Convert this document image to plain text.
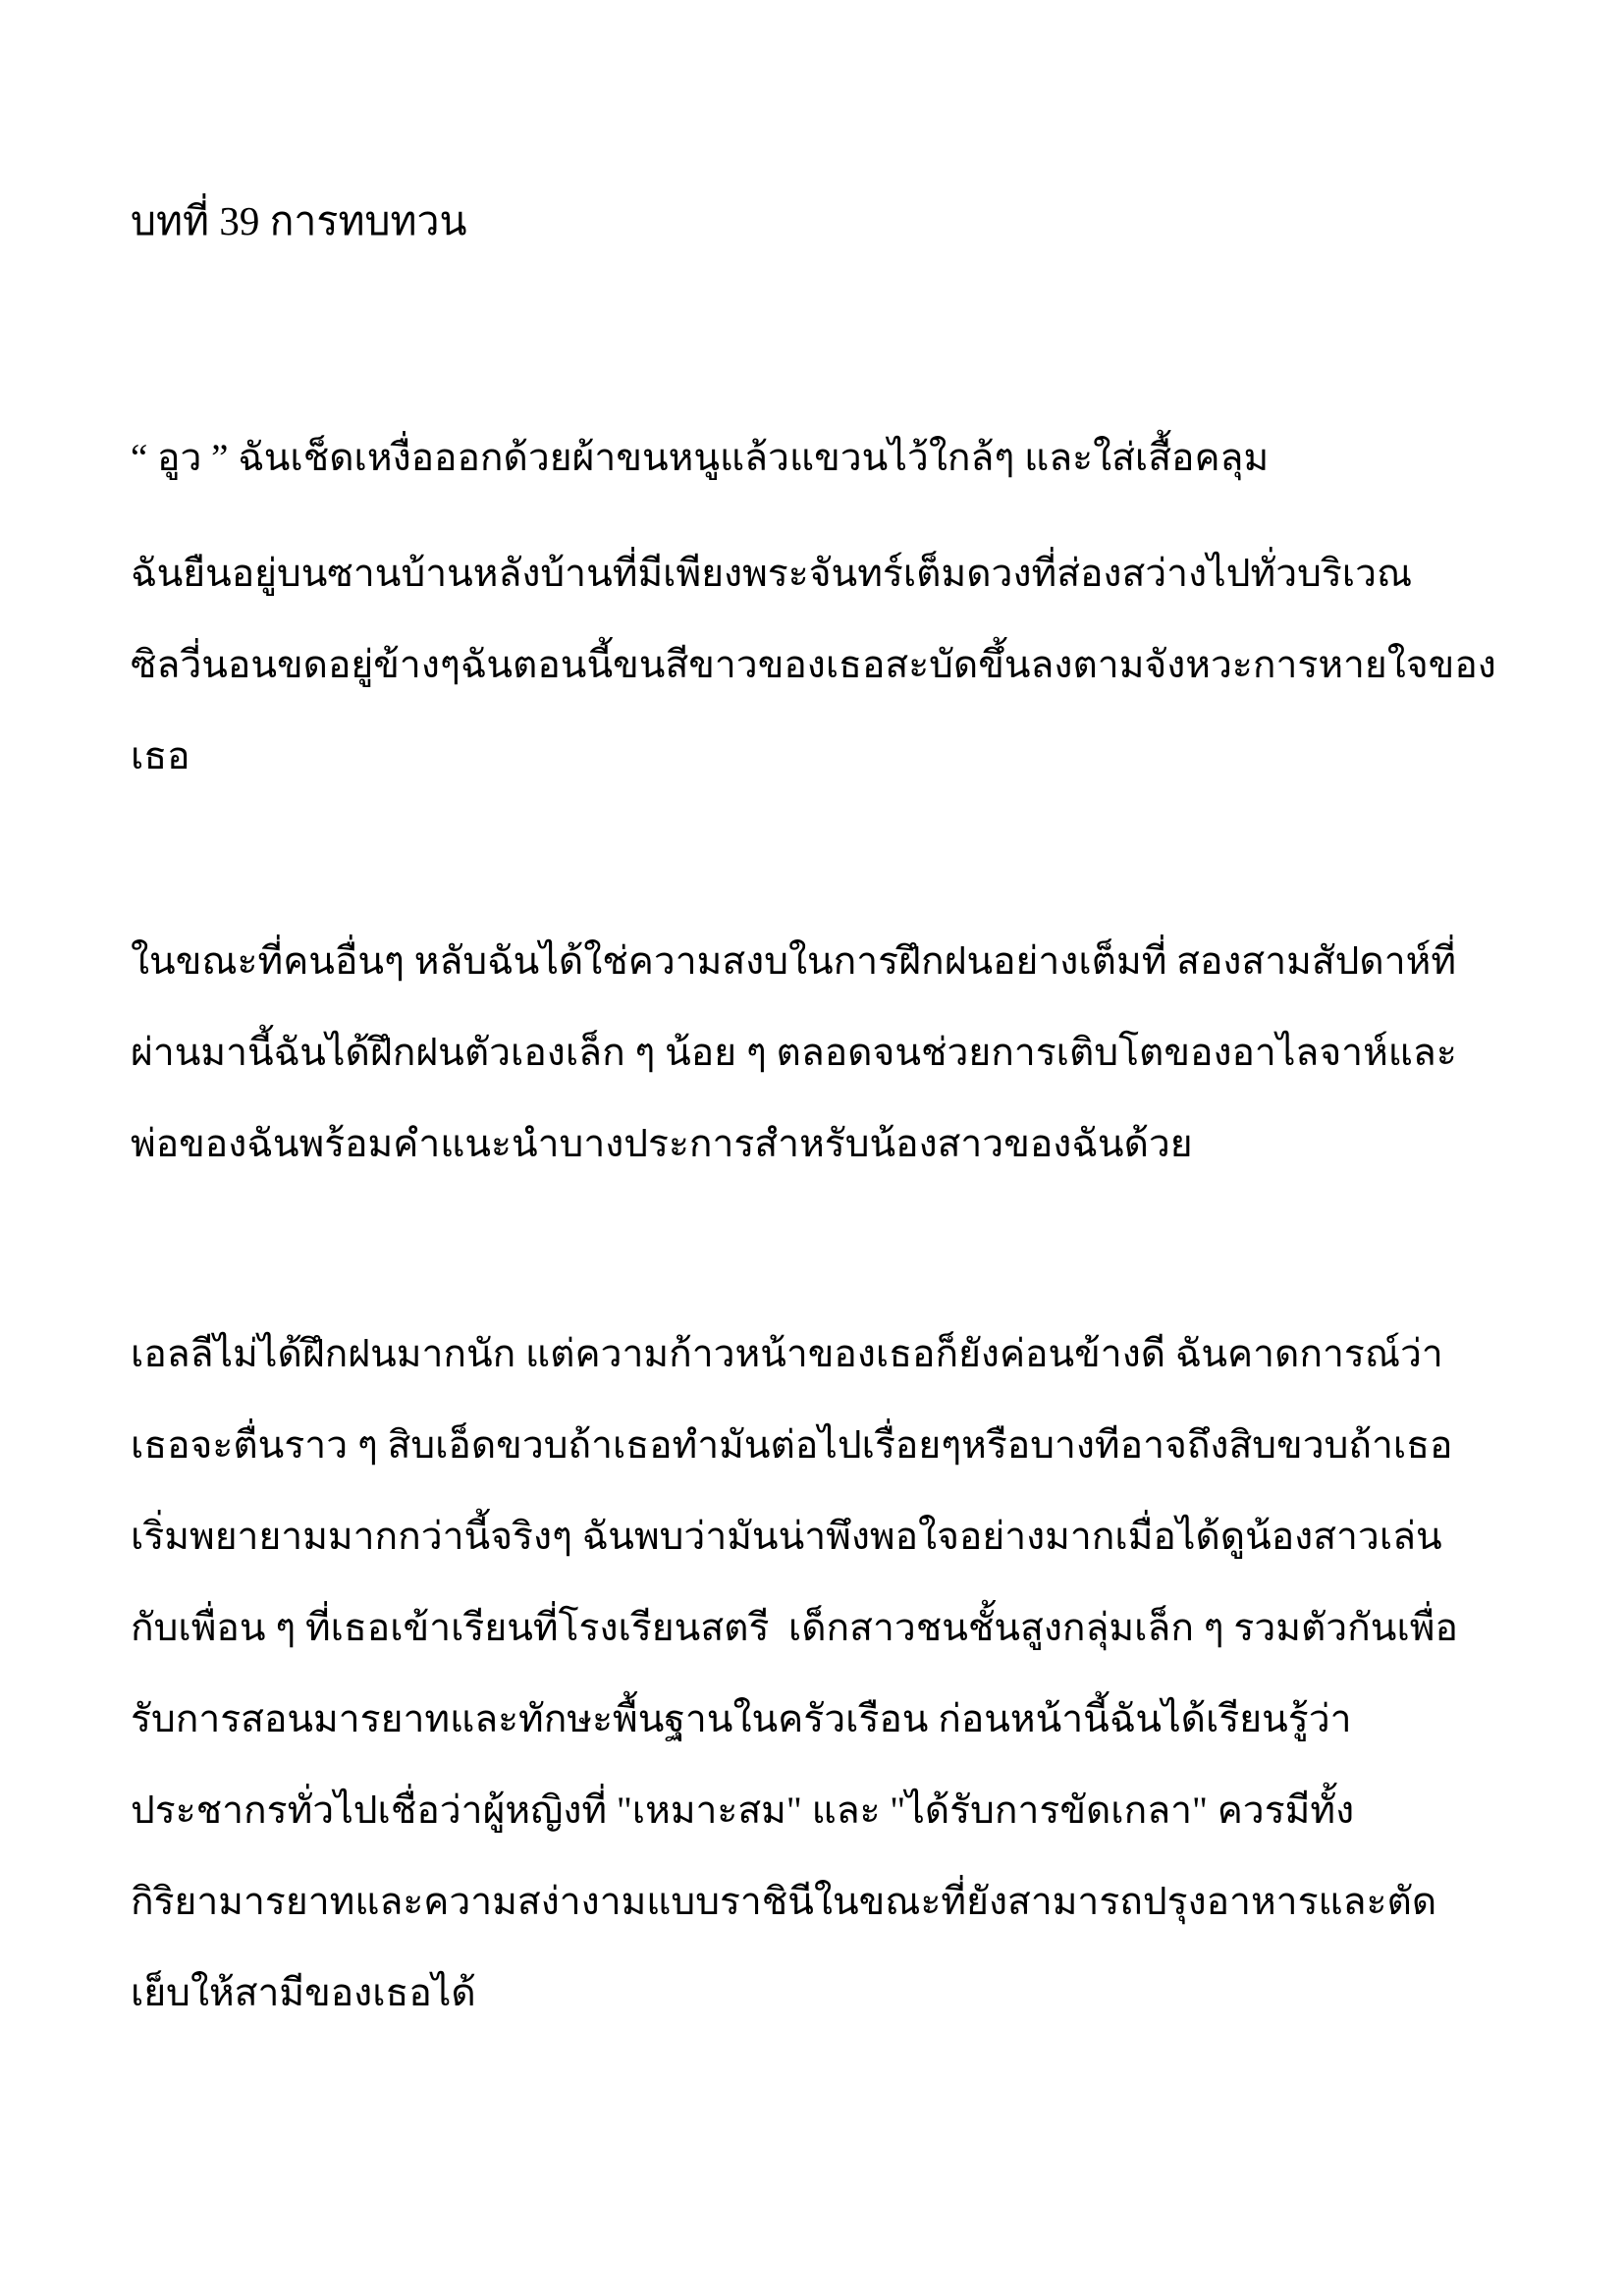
บทที่ 39 การทบทวน

“ อูว ” ฉันเช็ดเหงื่อออกด้วยผ้าขนหนูแล้วแขวนไว้ใกล้ๆ และใส่เสื้อคลุม

ฉันยืนอยู่บนซานบ้านหลังบ้านที่มีเพียงพระจันทร์เต็มดวงที่ส่องสว่างไปทั่วบริเวณ
ซิลวี่นอนขดอยู่ข้างๆฉันตอนนี้ขนสีขาวของเธอสะบัดขึ้นลงตามจังหวะการหายใจของ
เธอ

ในขณะที่คนอื่นๆ หลับฉันได้ใช่ความสงบในการฝึกฝนอย่างเต็มที่ สองสามสัปดาห์ที่
ผ่านมานี้ฉันได้ฝึกฝนตัวเองเล็ก ๆ น้อย ๆ ตลอดจนช่วยการเติบโตของอาไลจาห์และ
พ่อของฉันพร้อมคำแนะนำบางประการสำหรับน้องสาวของฉันด้วย

เอลลีไม่ได้ฝึกฝนมากนัก แต่ความก้าวหน้าของเธอก็ยังค่อนข้างดี ฉันคาดการณ์ว่า
เธอจะตื่นราว ๆ สิบเอ็ดขวบถ้าเธอทำมันต่อไปเรื่อยๆหรือบางทีอาจถึงสิบขวบถ้าเธอ
เริ่มพยายามมากกว่านี้จริงๆ ฉันพบว่ามันน่าพึงพอใจอย่างมากเมื่อได้ดูน้องสาวเล่น
กับเพื่อน ๆ ที่เธอเข้าเรียนที่โรงเรียนสตรี  เด็กสาวชนชั้นสูงกลุ่มเล็ก ๆ รวมตัวกันเพื่อ
รับการสอนมารยาทและทักษะพื้นฐานในครัวเรือน ก่อนหน้านี้ฉันได้เรียนรู้ว่า
ประชากรทั่วไปเชื่อว่าผู้หญิงที่ "เหมาะสม" และ "ได้รับการขัดเกลา" ควรมีทั้ง
กิริยามารยาทและความสง่างามแบบราชินีในขณะที่ยังสามารถปรุงอาหารและตัด
เย็บให้สามีของเธอได้
